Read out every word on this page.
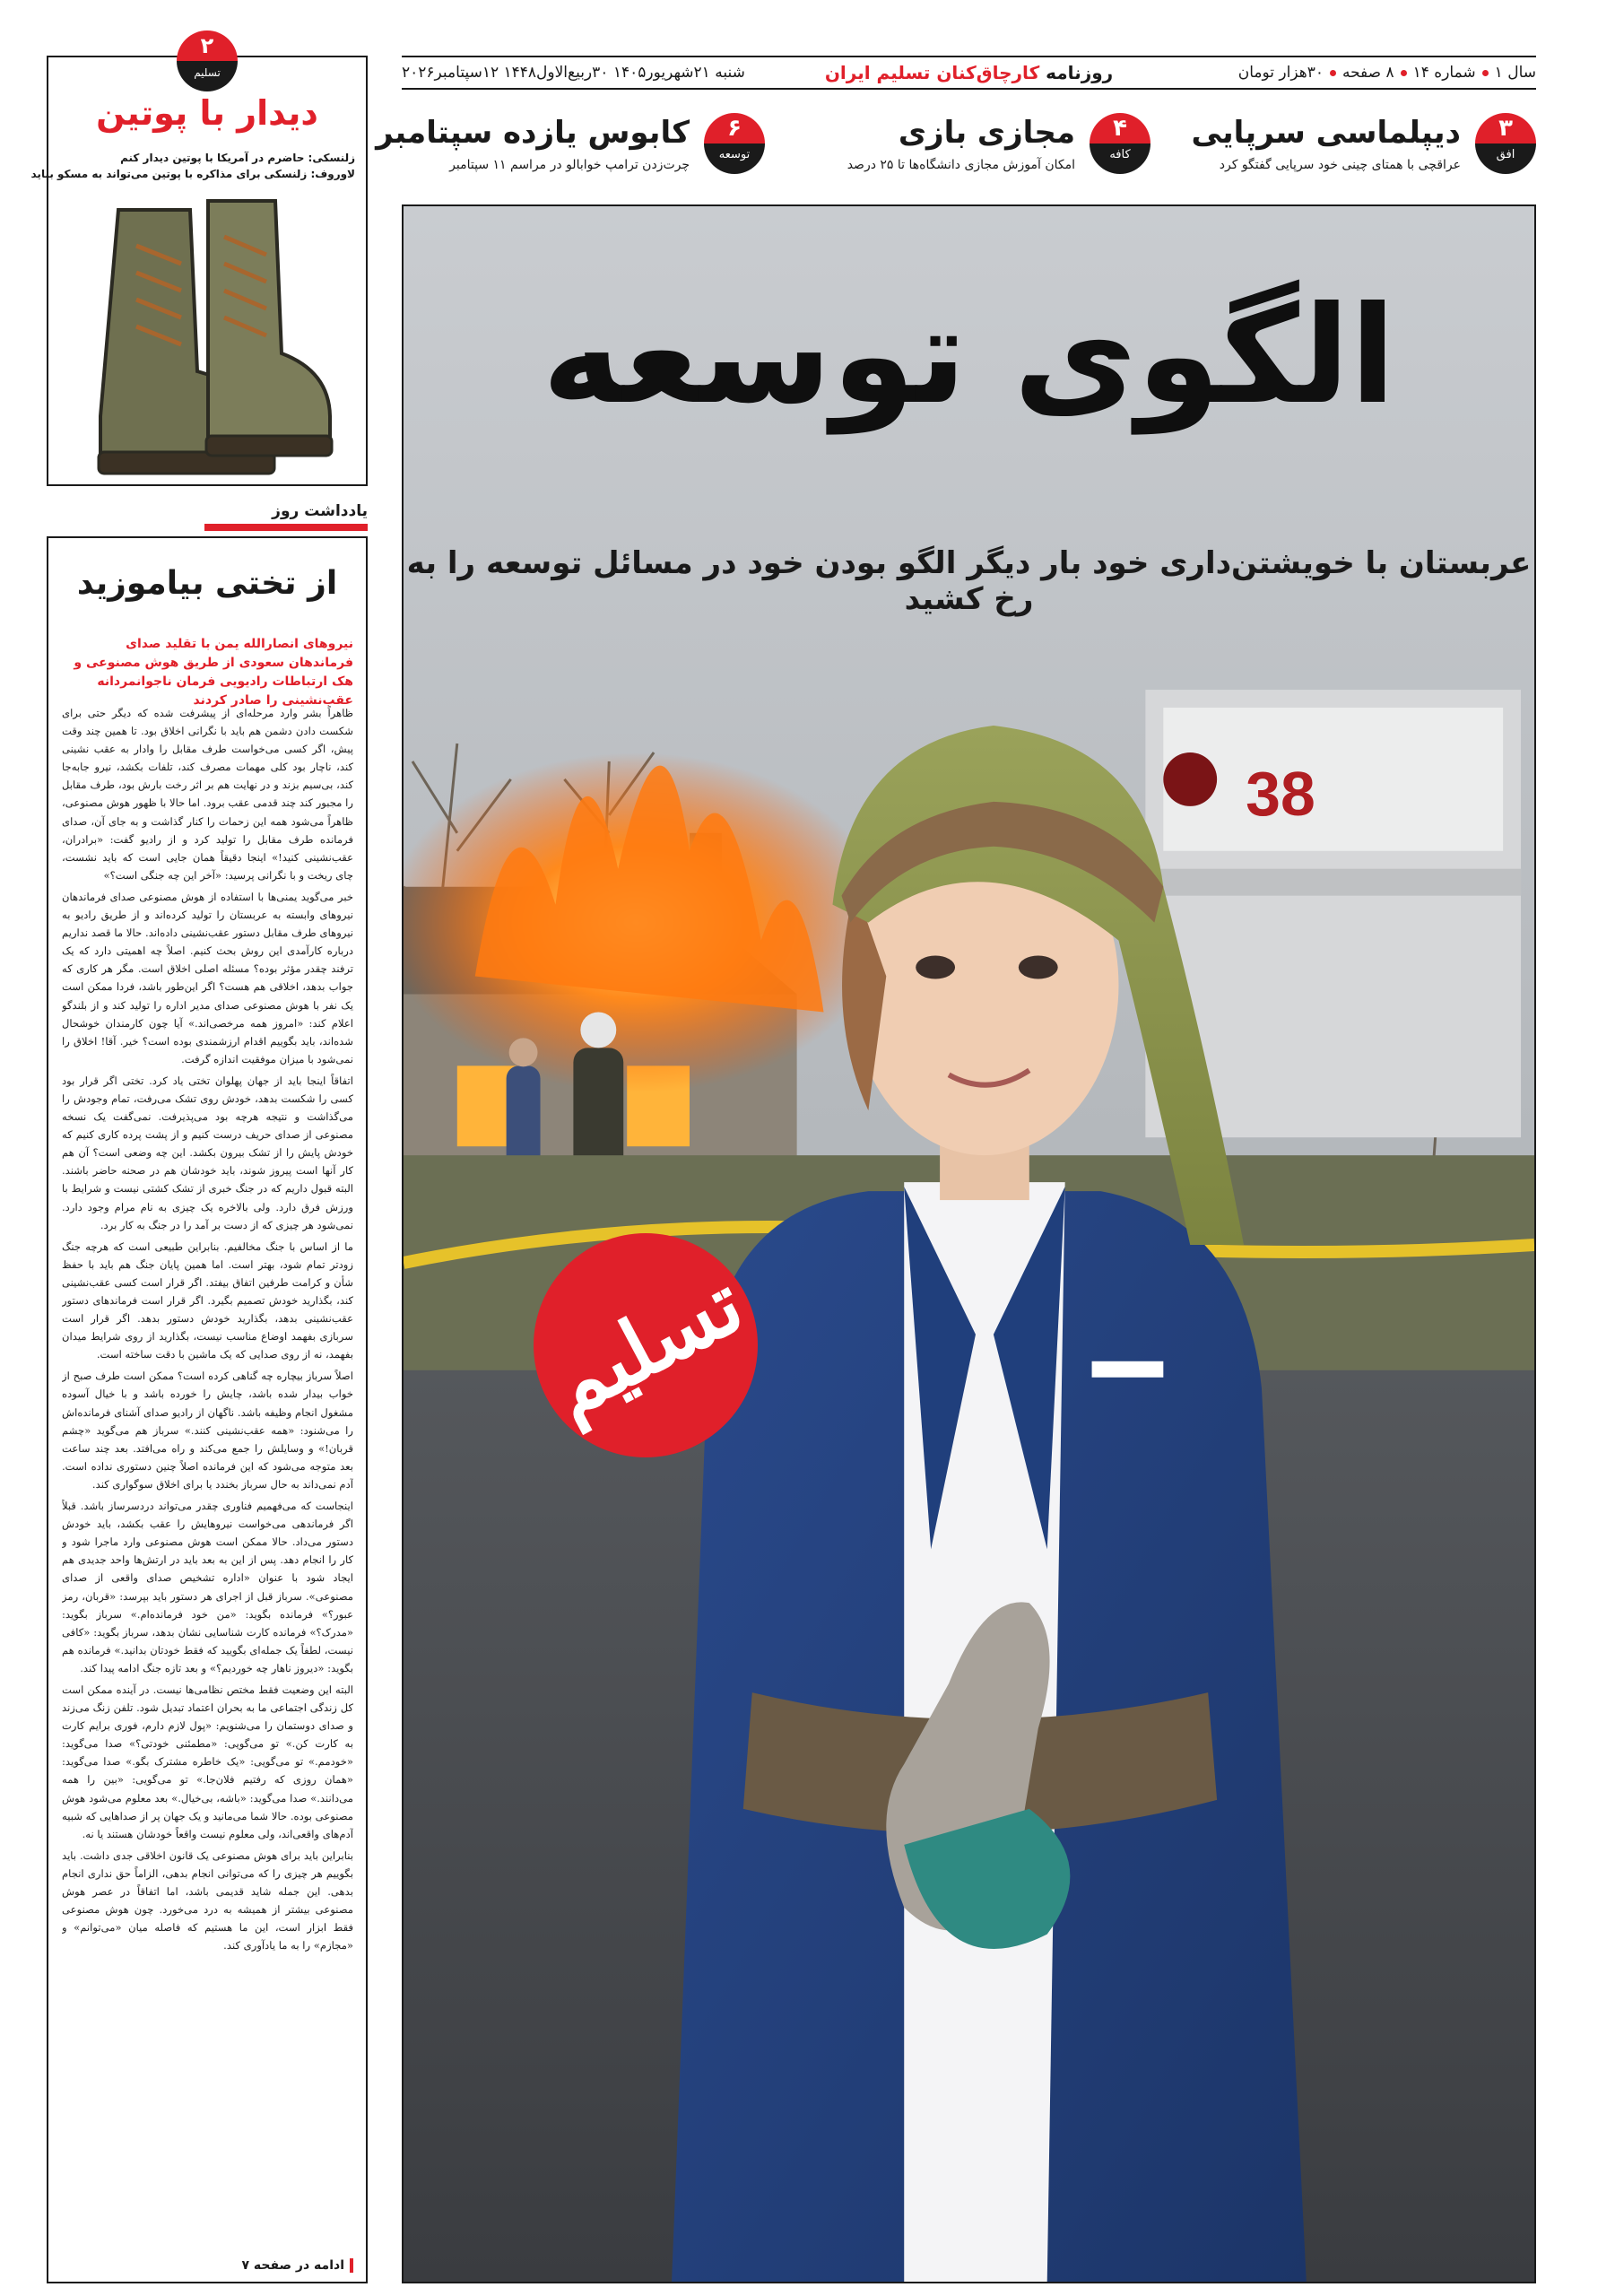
سال ۱شماره ۱۴۸ صفحه۳۰هزار تومان
روزنامه کارچاق‌کنان تسلیم ایران
شنبه ۲۱شهریور۱۴۰۵ ۳۰ربیع‌الاول۱۴۴۸ ۱۲سپتامبر۲۰۲۶
۳
افق
دیپلماسی سرپایی
عراقچی با همتای چینی خود سرپایی گفتگو کرد
۴
کافه
مجازی بازی
امکان آموزش مجازی دانشگاه‌ها تا ۲۵ درصد
۶
توسعه
کابوس یازده سپتامبر
چرت‌زدن ترامپ خوابالو در مراسم ۱۱ سپتامبر
38
الگوی توسعه
عربستان با خویشتن‌داری خود بار دیگر الگو بودن خود در مسائل توسعه را به رخ کشید
تسلیم
۲
تسلیم
دیدار با پوتین
زلنسکی: حاضرم در آمریکا با پوتین دیدار کنم
لاوروف: زلنسکی برای مذاکره با پوتین می‌تواند به مسکو بیاید
یادداشت روز
از تختی بیاموزید
نیروهای انصارالله یمن با تقلید صدای فرماندهان سعودی از طریق هوش مصنوعی و هک ارتباطات رادیویی فرمان ناجوانمردانه عقب‌نشینی را صادر کردند

ظاهراً بشر وارد مرحله‌ای از پیشرفت شده که دیگر حتی برای شکست دادن دشمن هم باید با نگرانی اخلاق بود. تا همین چند وقت پیش، اگر کسی می‌خواست طرف مقابل را وادار به عقب نشینی کند، ناچار بود کلی مهمات مصرف کند، تلفات بکشد، نیرو جابه‌جا کند، بی‌سیم بزند و در نهایت هم بر اثر رخت بارش بود، طرف مقابل را مجبور کند چند قدمی عقب برود. اما حالا با ظهور هوش مصنوعی، ظاهراً می‌شود همه این زحمات را کنار گذاشت و به جای آن، صدای فرمانده طرف مقابل را تولید کرد و از رادیو گفت: «برادران، عقب‌نشینی کنید!» اینجا دقیقاً همان جایی است که باید نشست، چای ریخت و با نگرانی پرسید: «آخر این چه جنگی است؟»

خبر می‌گوید یمنی‌ها با استفاده از هوش مصنوعی صدای فرماندهان نیروهای وابسته به عربستان را تولید کرده‌اند و از طریق رادیو به نیروهای طرف مقابل دستور عقب‌نشینی داده‌اند. حالا ما قصد نداریم درباره کارآمدی این روش بحث کنیم. اصلاً چه اهمیتی دارد که یک ترفند چقدر مؤثر بوده؟ مسئله اصلی اخلاق است. مگر هر کاری که جواب بدهد، اخلاقی هم هست؟ اگر این‌طور باشد، فردا ممکن است یک نفر با هوش مصنوعی صدای مدیر اداره را تولید کند و از بلندگو اعلام کند: «امروز همه مرخصی‌اند.» آیا چون کارمندان خوشحال شده‌اند، باید بگوییم اقدام ارزشمندی بوده است؟ خیر. آقا! اخلاق را نمی‌شود با میزان موفقیت اندازه گرفت.

اتفاقاً اینجا باید از جهان پهلوان تختی یاد کرد. تختی اگر قرار بود کسی را شکست بدهد، خودش روی تشک می‌رفت، تمام وجودش را می‌گذاشت و نتیجه هرچه بود می‌پذیرفت. نمی‌گفت یک نسخه مصنوعی از صدای حریف درست کنیم و از پشت پرده کاری کنیم که خودش پایش را از تشک بیرون بکشد. این چه وضعی است؟ آن هم کار آنها است پیروز شوند، باید خودشان هم در صحنه حاضر باشند. البته قبول داریم که در جنگ خبری از تشک کشتی نیست و شرایط با ورزش فرق دارد. ولی بالاخره یک چیزی به نام مرام وجود دارد. نمی‌شود هر چیزی که از دست بر آمد را در جنگ به کار برد.

ما از اساس با جنگ مخالفیم. بنابراین طبیعی است که هرچه جنگ زودتر تمام شود، بهتر است. اما همین پایان جنگ هم باید با حفظ شأن و کرامت طرفین اتفاق بیفتد. اگر قرار است کسی عقب‌نشینی کند، بگذارید خودش تصمیم بگیرد. اگر قرار است فرماندهای دستور عقب‌نشینی بدهد، بگذارید خودش دستور بدهد. اگر قرار است سربازی بفهمد اوضاع مناسب نیست، بگذارید از روی شرایط میدان بفهمد، نه از روی صدایی که یک ماشین با دقت ساخته است.

اصلاً سرباز بیچاره چه گناهی کرده است؟ ممکن است طرف صبح از خواب بیدار شده باشد، چایش را خورده باشد و با خیال آسوده مشغول انجام وظیفه باشد. ناگهان از رادیو صدای آشنای فرمانده‌اش را می‌شنود: «همه عقب‌نشینی کنند.» سرباز هم می‌گوید «چشم قربان!» و وسایلش را جمع می‌کند و راه می‌افتد. بعد چند ساعت بعد متوجه می‌شود که این فرمانده اصلاً چنین دستوری نداده است. آدم نمی‌داند به حال سرباز بخندد یا برای اخلاق سوگواری کند.

اینجاست که می‌فهمیم فناوری چقدر می‌تواند دردسرساز باشد. قبلاً اگر فرماندهی می‌خواست نیروهایش را عقب بکشد، باید خودش دستور می‌داد. حالا ممکن است هوش مصنوعی وارد ماجرا شود و کار را انجام دهد. پس از این به بعد باید در ارتش‌ها واحد جدیدی هم ایجاد شود با عنوان «اداره تشخیص صدای واقعی از صدای مصنوعی». سرباز قبل از اجرای هر دستور باید بپرسد: «قربان، رمز عبور؟» فرمانده بگوید: «من خود فرمانده‌ام.» سرباز بگوید: «مدرک؟» فرمانده کارت شناسایی نشان بدهد، سرباز بگوید: «کافی نیست، لطفاً یک جمله‌ای بگویید که فقط خودتان بدانید.» فرمانده هم بگوید: «دیروز ناهار چه خوردیم؟» و بعد تازه جنگ ادامه پیدا کند.

البته این وضعیت فقط مختص نظامی‌ها نیست. در آینده ممکن است کل زندگی اجتماعی ما به بحران اعتماد تبدیل شود. تلفن زنگ می‌زند و صدای دوستمان را می‌شنویم: «پول لازم دارم، فوری برایم کارت به کارت کن.» تو می‌گویی: «مطمئنی خودتی؟» صدا می‌گوید: «خودمم.» تو می‌گویی: «یک خاطره مشترک بگو.» صدا می‌گوید: «همان روزی که رفتیم فلان‌جا.» تو می‌گویی: «بین را همه می‌دانند.» صدا می‌گوید: «باشه، بی‌خیال.» بعد معلوم می‌شود هوش مصنوعی بوده. حالا شما می‌مانید و یک جهان پر از صداهایی که شبیه آدم‌های واقعی‌اند، ولی معلوم نیست واقعاً خودشان هستند یا نه.

بنابراین باید برای هوش مصنوعی یک قانون اخلاقی جدی داشت. باید بگوییم هر چیزی را که می‌توانی انجام بدهی، الزاماً حق نداری انجام بدهی. این جمله شاید قدیمی باشد، اما اتفاقاً در عصر هوش مصنوعی بیشتر از همیشه به درد می‌خورد. چون هوش مصنوعی فقط ابزار است، این ما هستیم که فاصله میان «می‌توانم» و «مجازم» را به ما یادآوری کند.

ادامه در صفحه ۷
